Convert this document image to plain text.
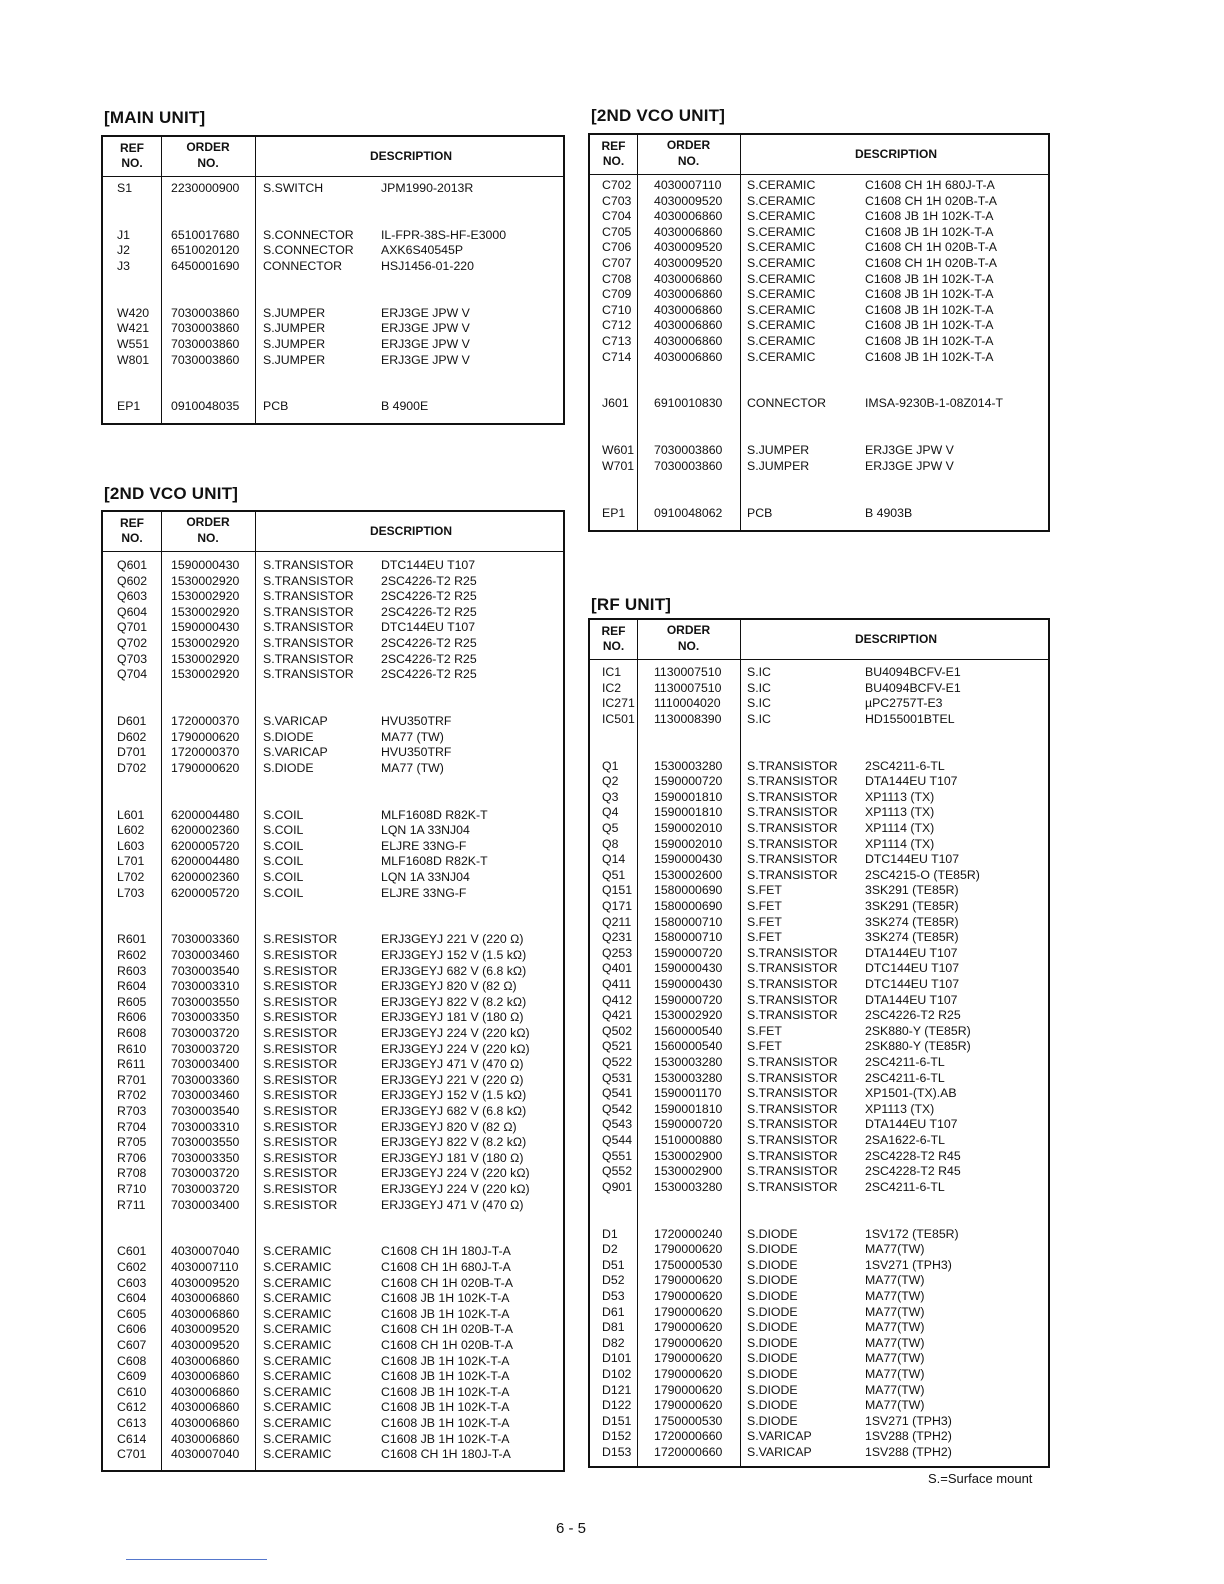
[MAIN UNIT]
REF
NO.
ORDER
NO.	DESCRIPTION
S1	2230000900 S.SWITCH	JPM1990-2013R
J1	6510017680 S.CONNECTOR IL-FPR-38S-HF-E3000
J2	6510020120 S.CONNECTOR AXK6S40545P
J3	6450001690 CONNECTOR	HSJ1456-01-220
W420 7030003860 S.JUMPER	ERJ3GE JPW V
W421 7030003860 S.JUMPER	ERJ3GE JPW V
W551 7030003860 S.JUMPER	ERJ3GE JPW V
W801 7030003860 S.JUMPER	ERJ3GE JPW V
EP1	0910048035 PCB	B 4900E
[2ND VCO UNIT]
REF
NO.
ORDER
NO.	DESCRIPTION
Q601 1590000430 S.TRANSISTOR DTC144EU T107
Q602 1530002920 S.TRANSISTOR 2SC4226-T2 R25
Q603 1530002920 S.TRANSISTOR 2SC4226-T2 R25
Q604 1530002920 S.TRANSISTOR 2SC4226-T2 R25
Q701 1590000430 S.TRANSISTOR DTC144EU T107
Q702 1530002920 S.TRANSISTOR 2SC4226-T2 R25
Q703 1530002920 S.TRANSISTOR 2SC4226-T2 R25
Q704 1530002920 S.TRANSISTOR 2SC4226-T2 R25
D601 1720000370 S.VARICAP	HVU350TRF
D602 1790000620 S.DIODE	MA77 (TW)
D701 1720000370 S.VARICAP	HVU350TRF
D702 1790000620 S.DIODE	MA77 (TW)
L601 6200004480 S.COIL	MLF1608D R82K-T
L602 6200002360 S.COIL	LQN 1A 33NJ04
L603 6200005720 S.COIL	ELJRE 33NG-F
L701 6200004480 S.COIL	MLF1608D R82K-T
L702 6200002360 S.COIL	LQN 1A 33NJ04
L703 6200005720 S.COIL	ELJRE 33NG-F
R601 7030003360 S.RESISTOR	ERJ3GEYJ 221 V (220 Ω)
R602 7030003460 S.RESISTOR	ERJ3GEYJ 152 V (1.5 kΩ)
R603 7030003540 S.RESISTOR	ERJ3GEYJ 682 V (6.8 kΩ)
R604 7030003310 S.RESISTOR	ERJ3GEYJ 820 V (82 Ω)
R605 7030003550 S.RESISTOR	ERJ3GEYJ 822 V (8.2 kΩ)
R606 7030003350 S.RESISTOR	ERJ3GEYJ 181 V (180 Ω)
R608 7030003720 S.RESISTOR	ERJ3GEYJ 224 V (220 kΩ)
R610 7030003720 S.RESISTOR	ERJ3GEYJ 224 V (220 kΩ)
R611 7030003400 S.RESISTOR	ERJ3GEYJ 471 V (470 Ω)
R701 7030003360 S.RESISTOR	ERJ3GEYJ 221 V (220 Ω)
R702 7030003460 S.RESISTOR	ERJ3GEYJ 152 V (1.5 kΩ)
R703 7030003540 S.RESISTOR	ERJ3GEYJ 682 V (6.8 kΩ)
R704 7030003310 S.RESISTOR	ERJ3GEYJ 820 V (82 Ω)
R705 7030003550 S.RESISTOR	ERJ3GEYJ 822 V (8.2 kΩ)
R706 7030003350 S.RESISTOR	ERJ3GEYJ 181 V (180 Ω)
R708 7030003720 S.RESISTOR	ERJ3GEYJ 224 V (220 kΩ)
R710 7030003720 S.RESISTOR	ERJ3GEYJ 224 V (220 kΩ)
R711 7030003400 S.RESISTOR	ERJ3GEYJ 471 V (470 Ω)
C601 4030007040 S.CERAMIC	C1608 CH 1H 180J-T-A
C602 4030007110 S.CERAMIC	C1608 CH 1H 680J-T-A
C603 4030009520 S.CERAMIC	C1608 CH 1H 020B-T-A
C604 4030006860 S.CERAMIC	C1608 JB 1H 102K-T-A
C605 4030006860 S.CERAMIC	C1608 JB 1H 102K-T-A
C606 4030009520 S.CERAMIC	C1608 CH 1H 020B-T-A
C607 4030009520 S.CERAMIC	C1608 CH 1H 020B-T-A
C608 4030006860 S.CERAMIC	C1608 JB 1H 102K-T-A
C609 4030006860 S.CERAMIC	C1608 JB 1H 102K-T-A
C610 4030006860 S.CERAMIC	C1608 JB 1H 102K-T-A
C612 4030006860 S.CERAMIC	C1608 JB 1H 102K-T-A
C613 4030006860 S.CERAMIC	C1608 JB 1H 102K-T-A
C614 4030006860 S.CERAMIC	C1608 JB 1H 102K-T-A
C701 4030007040 S.CERAMIC	C1608 CH 1H 180J-T-A
[2ND VCO UNIT]
REF
NO.
ORDER
NO.	DESCRIPTION
C702 4030007110 S.CERAMIC	C1608 CH 1H 680J-T-A
C703 4030009520 S.CERAMIC	C1608 CH 1H 020B-T-A
C704 4030006860 S.CERAMIC	C1608 JB 1H 102K-T-A
C705 4030006860 S.CERAMIC	C1608 JB 1H 102K-T-A
C706 4030009520 S.CERAMIC	C1608 CH 1H 020B-T-A
C707 4030009520 S.CERAMIC	C1608 CH 1H 020B-T-A
C708 4030006860 S.CERAMIC	C1608 JB 1H 102K-T-A
C709 4030006860 S.CERAMIC	C1608 JB 1H 102K-T-A
C710 4030006860 S.CERAMIC	C1608 JB 1H 102K-T-A
C712 4030006860 S.CERAMIC	C1608 JB 1H 102K-T-A
C713 4030006860 S.CERAMIC	C1608 JB 1H 102K-T-A
C714 4030006860 S.CERAMIC	C1608 JB 1H 102K-T-A
J601 6910010830 CONNECTOR	IMSA-9230B-1-08Z014-T
W601 7030003860 S.JUMPER	ERJ3GE JPW V
W701 7030003860 S.JUMPER	ERJ3GE JPW V
EP1 0910048062 PCB	B 4903B
[RF UNIT]
REF
NO.
ORDER
NO.	DESCRIPTION
IC1	1130007510 S.IC	BU4094BCFV-E1
IC2	1130007510 S.IC	BU4094BCFV-E1
IC271 1110004020 S.IC	µPC2757T-E3
IC501 1130008390 S.IC	HD155001BTEL
Q1	1530003280 S.TRANSISTOR 2SC4211-6-TL
Q2	1590000720 S.TRANSISTOR DTA144EU T107
Q3	1590001810 S.TRANSISTOR XP1113 (TX)
Q4	1590001810 S.TRANSISTOR XP1113 (TX)
Q5	1590002010 S.TRANSISTOR XP1114 (TX)
Q8	1590002010 S.TRANSISTOR XP1114 (TX)
Q14 1590000430 S.TRANSISTOR DTC144EU T107
Q51 1530002600 S.TRANSISTOR 2SC4215-O (TE85R)
Q151 1580000690 S.FET	3SK291 (TE85R)
Q171 1580000690 S.FET	3SK291 (TE85R)
Q211 1580000710 S.FET	3SK274 (TE85R)
Q231 1580000710 S.FET	3SK274 (TE85R)
Q253 1590000720 S.TRANSISTOR DTA144EU T107
Q401 1590000430 S.TRANSISTOR DTC144EU T107
Q411 1590000430 S.TRANSISTOR DTC144EU T107
Q412 1590000720 S.TRANSISTOR DTA144EU T107
Q421 1530002920 S.TRANSISTOR 2SC4226-T2 R25
Q502 1560000540 S.FET	2SK880-Y (TE85R)
Q521 1560000540 S.FET	2SK880-Y (TE85R)
Q522 1530003280 S.TRANSISTOR 2SC4211-6-TL
Q531 1530003280 S.TRANSISTOR 2SC4211-6-TL
Q541 1590001170 S.TRANSISTOR XP1501-(TX).AB
Q542 1590001810 S.TRANSISTOR XP1113 (TX)
Q543 1590000720 S.TRANSISTOR DTA144EU T107
Q544 1510000880 S.TRANSISTOR 2SA1622-6-TL
Q551 1530002900 S.TRANSISTOR 2SC4228-T2 R45
Q552 1530002900 S.TRANSISTOR 2SC4228-T2 R45
Q901 1530003280 S.TRANSISTOR 2SC4211-6-TL
D1	1720000240 S.DIODE	1SV172 (TE85R)
D2	1790000620 S.DIODE	MA77(TW)
D51 1750000530 S.DIODE	1SV271 (TPH3)
D52 1790000620 S.DIODE	MA77(TW)
D53 1790000620 S.DIODE	MA77(TW)
D61 1790000620 S.DIODE	MA77(TW)
D81 1790000620 S.DIODE	MA77(TW)
D82 1790000620 S.DIODE	MA77(TW)
D101 1790000620 S.DIODE	MA77(TW)
D102 1790000620 S.DIODE	MA77(TW)
D121 1790000620 S.DIODE	MA77(TW)
D122 1790000620 S.DIODE	MA77(TW)
D151 1750000530 S.DIODE	1SV271 (TPH3)
D152 1720000660 S.VARICAP	1SV288 (TPH2)
D153 1720000660 S.VARICAP	1SV288 (TPH2)
S.=Surface mount
6 - 5
